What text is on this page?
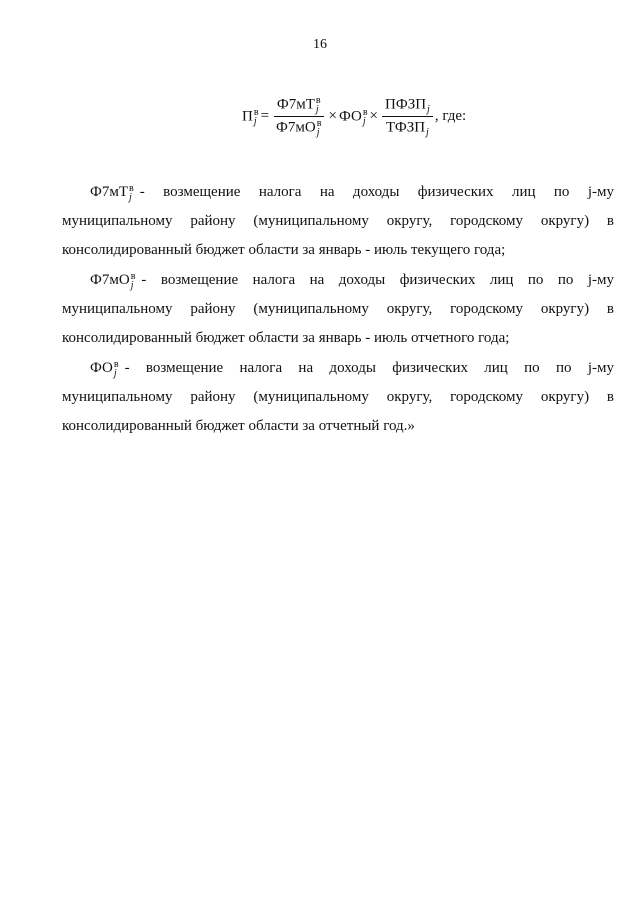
16
П в
j = Ф7мТ в
j
Ф7мО в
j × ФО в
j × ПФЗП
j
ТФЗП
j , где:
Ф7мТ в
j - возмещение налога на доходы физических лиц по j-му
муниципальному району (муниципальному округу, городскому округу) в
консолидированный бюджет области за январь - июль текущего года;
Ф7мО в
j - возмещение налога на доходы физических лиц по по j-му
муниципальному району (муниципальному округу, городскому округу) в
консолидированный бюджет области за январь - июль отчетного года;
ФО в
j - возмещение налога на доходы физических лиц по по j-му
муниципальному району (муниципальному округу, городскому округу) в
консолидированный бюджет области за отчетный год.»
